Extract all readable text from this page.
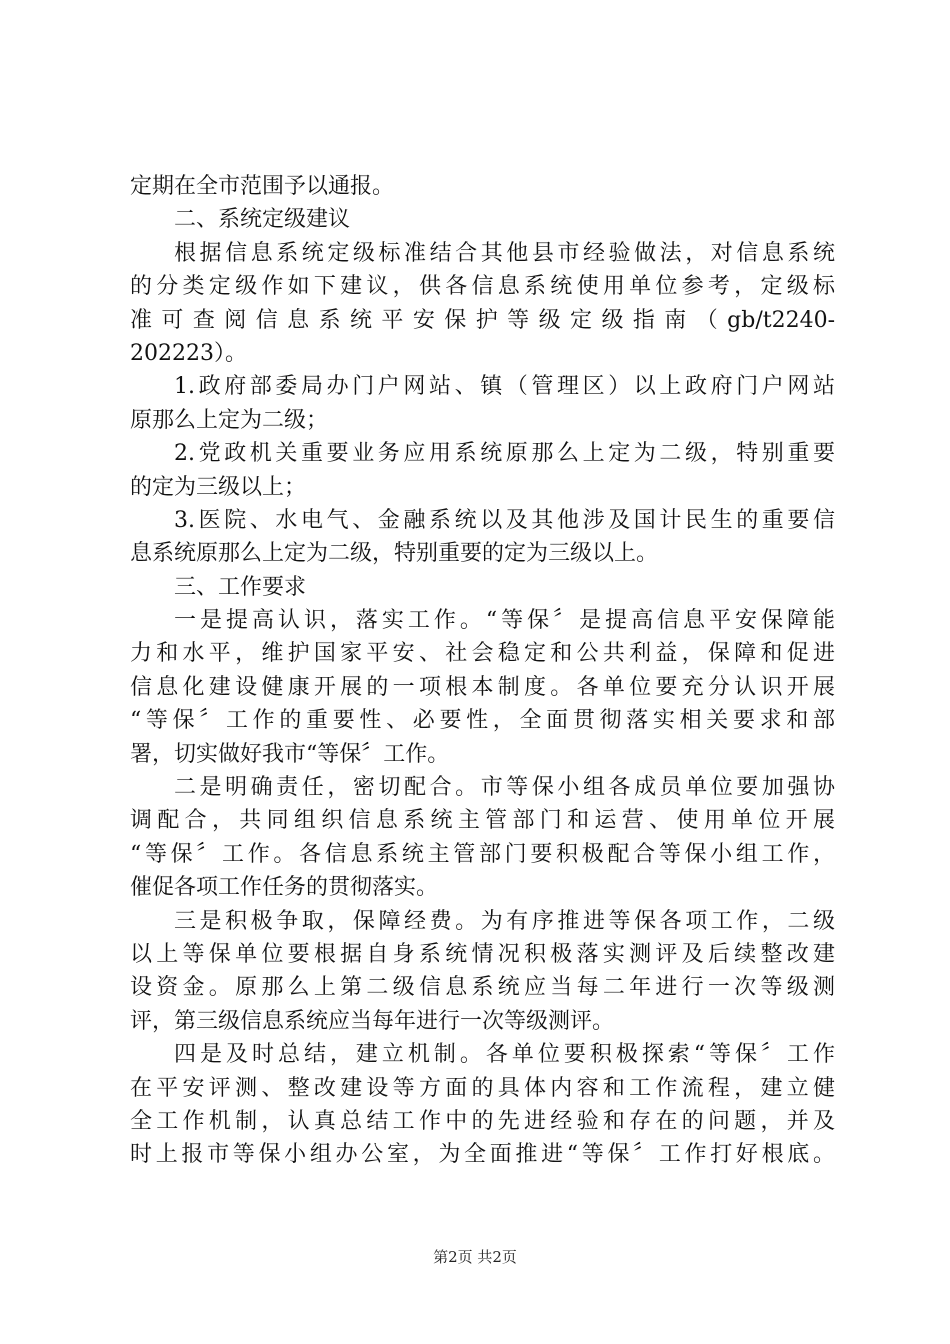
定期在全市范围予以通报。
二、系统定级建议
根据信息系统定级标准结合其他县市经验做法，对信息系统
的分类定级作如下建议，供各信息系统使用单位参考，定级标
准可查阅信息系统平安保护等级定级指南（gb/t2240-
202223）。
1.政府部委局办门户网站、镇（管理区）以上政府门户网站
原那么上定为二级；
2.党政机关重要业务应用系统原那么上定为二级，特别重要
的定为三级以上；
3.医院、水电气、金融系统以及其他涉及国计民生的重要信
息系统原那么上定为二级，特别重要的定为三级以上。
三、工作要求
一是提高认识，落实工作。“等保〞是提高信息平安保障能
力和水平，维护国家平安、社会稳定和公共利益，保障和促进
信息化建设健康开展的一项根本制度。各单位要充分认识开展
“等保〞工作的重要性、必要性，全面贯彻落实相关要求和部
署，切实做好我市“等保〞工作。
二是明确责任，密切配合。市等保小组各成员单位要加强协
调配合，共同组织信息系统主管部门和运营、使用单位开展
“等保〞工作。各信息系统主管部门要积极配合等保小组工作，
催促各项工作任务的贯彻落实。
三是积极争取，保障经费。为有序推进等保各项工作，二级
以上等保单位要根据自身系统情况积极落实测评及后续整改建
设资金。原那么上第二级信息系统应当每二年进行一次等级测
评，第三级信息系统应当每年进行一次等级测评。
四是及时总结，建立机制。各单位要积极探索“等保〞工作
在平安评测、整改建设等方面的具体内容和工作流程，建立健
全工作机制，认真总结工作中的先进经验和存在的问题，并及
时上报市等保小组办公室，为全面推进“等保〞工作打好根底。
第2页 共2页
